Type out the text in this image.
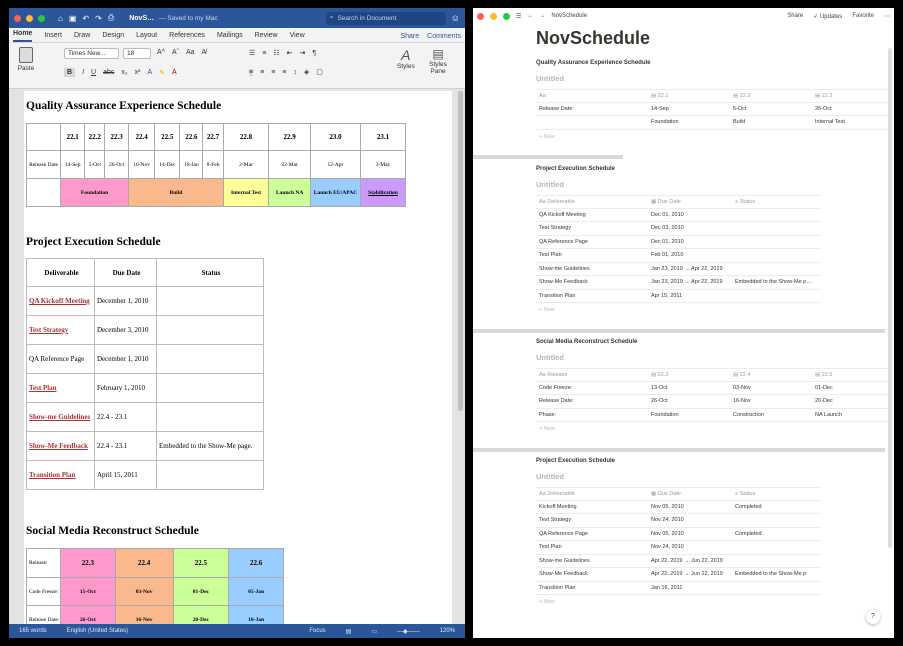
⌂ ▣ ↶ ↷ ⎙ NovS… — Saved to my Mac	⌕ Search in Document	☺
Home Insert Draw Design Layout References Mailings Review View	Share Comments
Paste
Times New...	18	A^ Aˇ Aa A̸
B	I U abc x₂ x² A ✎ A
☰ ≡ ☷ ⇤ ⇥ ¶
≡ ≡ ≡ ≡ ↕ ◈ ▢
A
Styles
▤
Styles Pane
Quality Assurance Experience Schedule
	22.1	22.2	22.3	22.4	22.5	22.6	22.7	22.8	22.9	23.0	23.1
Release Date	14-Sep	5-Oct	26-Oct	16-Nov	14-Dec	18-Jan	8-Feb	2-Mar	22-Mar	12-Apr	3-May
	Foundation			Build				Internal Test	Launch NA	Launch EU/APAC	Stabilization
Project Execution Schedule
Deliverable	Due Date	Status
QA Kickoff Meeting	December 1, 2010	
Test Strategy	December 3, 2010	
QA Reference Page	December 1, 2010	
Test Plan	February 1, 2010	
Show-me Guidelines	22.4 - 23.1	
Show-Me Feedback	22.4 - 23.1	Embedded to the Show-Me page.
Transition Plan	April 15, 2011	
Social Media Reconstruct Schedule
Release:	22.3	22.4	22.5	22.6
Code Freeze:	15-Oct	03-Nov	01-Dec	05-Jan
Release Date:	26-Oct	16-Nov	20-Dec	10-Jan
165 words	English (United States)	Focus	▤	▭	—◆——	120%
☰ ← → NovSchedule	Share ✓ Updates Favorite ⋯
NovSchedule
Quality Assurance Experience Schedule
Untitled
Aa	▤ 22.1	▤ 22.2	▤ 22.3
Release Date:	14-Sep	5-Oct	26-Oct
Foundation	Build	Internal Test
+ New
Project Execution Schedule
Untitled
Aa Deliverable	▦ Due Date	≡ Status
QA Kickoff Meeting	Dec 01, 2010
Test Strategy	Dec 03, 2010
QA Reference Page	Dec 01, 2010
Test Plan	Feb 01, 2010
Show-me Guidelines	Jan 23, 2019 → Apr 22, 2019
Show-Me Feedback	Jan 23, 2019 → Apr 22, 2019	Embedded to the Show-Me p…
Transition Plan	Apr 15, 2011
+ New
Social Media Reconstruct Schedule
Untitled
Aa Release	▤ 22.3	▤ 22.4	▤ 22.5
Code Freeze:	13-Oct	03-Nov	01-Dec
Release Date:	26-Oct	16-Nov	20-Dec
Phase:	Foundation	Construction	NA Launch
+ New
Project Execution Schedule
Untitled
Aa Deliverable	▦ Due Date	≡ Status
Kickoff Meeting	Nov 05, 2010	Completed
Test Strategy	Nov 24, 2010
QA Reference Page	Nov 05, 2010	Completed
Test Plan	Nov 24, 2010
Show-me Guidelines	Apr 22, 2019 → Jun 22, 2019
Show-Me Feedback	Apr 22, 2019 → Jun 22, 2019	Embedded to the Show-Me p
Transition Plan	Jan 16, 2011
+ New
?
